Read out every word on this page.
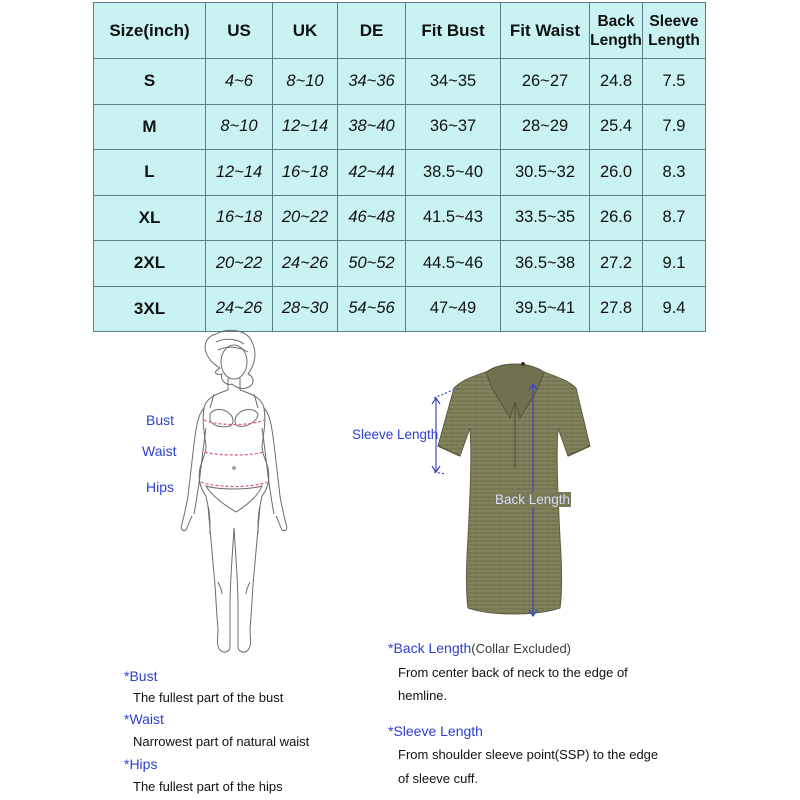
Size(inch)	US	UK	DE	Fit Bust	Fit Waist	Back Length	Sleeve Length
S	4~6	8~10	34~36	34~35	26~27	24.8	7.5
M	8~10	12~14	38~40	36~37	28~29	25.4	7.9
L	12~14	16~18	42~44	38.5~40	30.5~32	26.0	8.3
XL	16~18	20~22	46~48	41.5~43	33.5~35	26.6	8.7
2XL	20~22	24~26	50~52	44.5~46	36.5~38	27.2	9.1
3XL	24~26	28~30	54~56	47~49	39.5~41	27.8	9.4
Bust
Waist
Hips
Sleeve Length
Back Length
*Bust
The fullest part of the bust
*Waist
Narrowest part of natural waist
*Hips
The fullest part of the hips
*Back Length(Collar Excluded)
From center back of neck to the edge of
hemline.
*Sleeve Length
From shoulder sleeve point(SSP) to the edge
of sleeve cuff.
